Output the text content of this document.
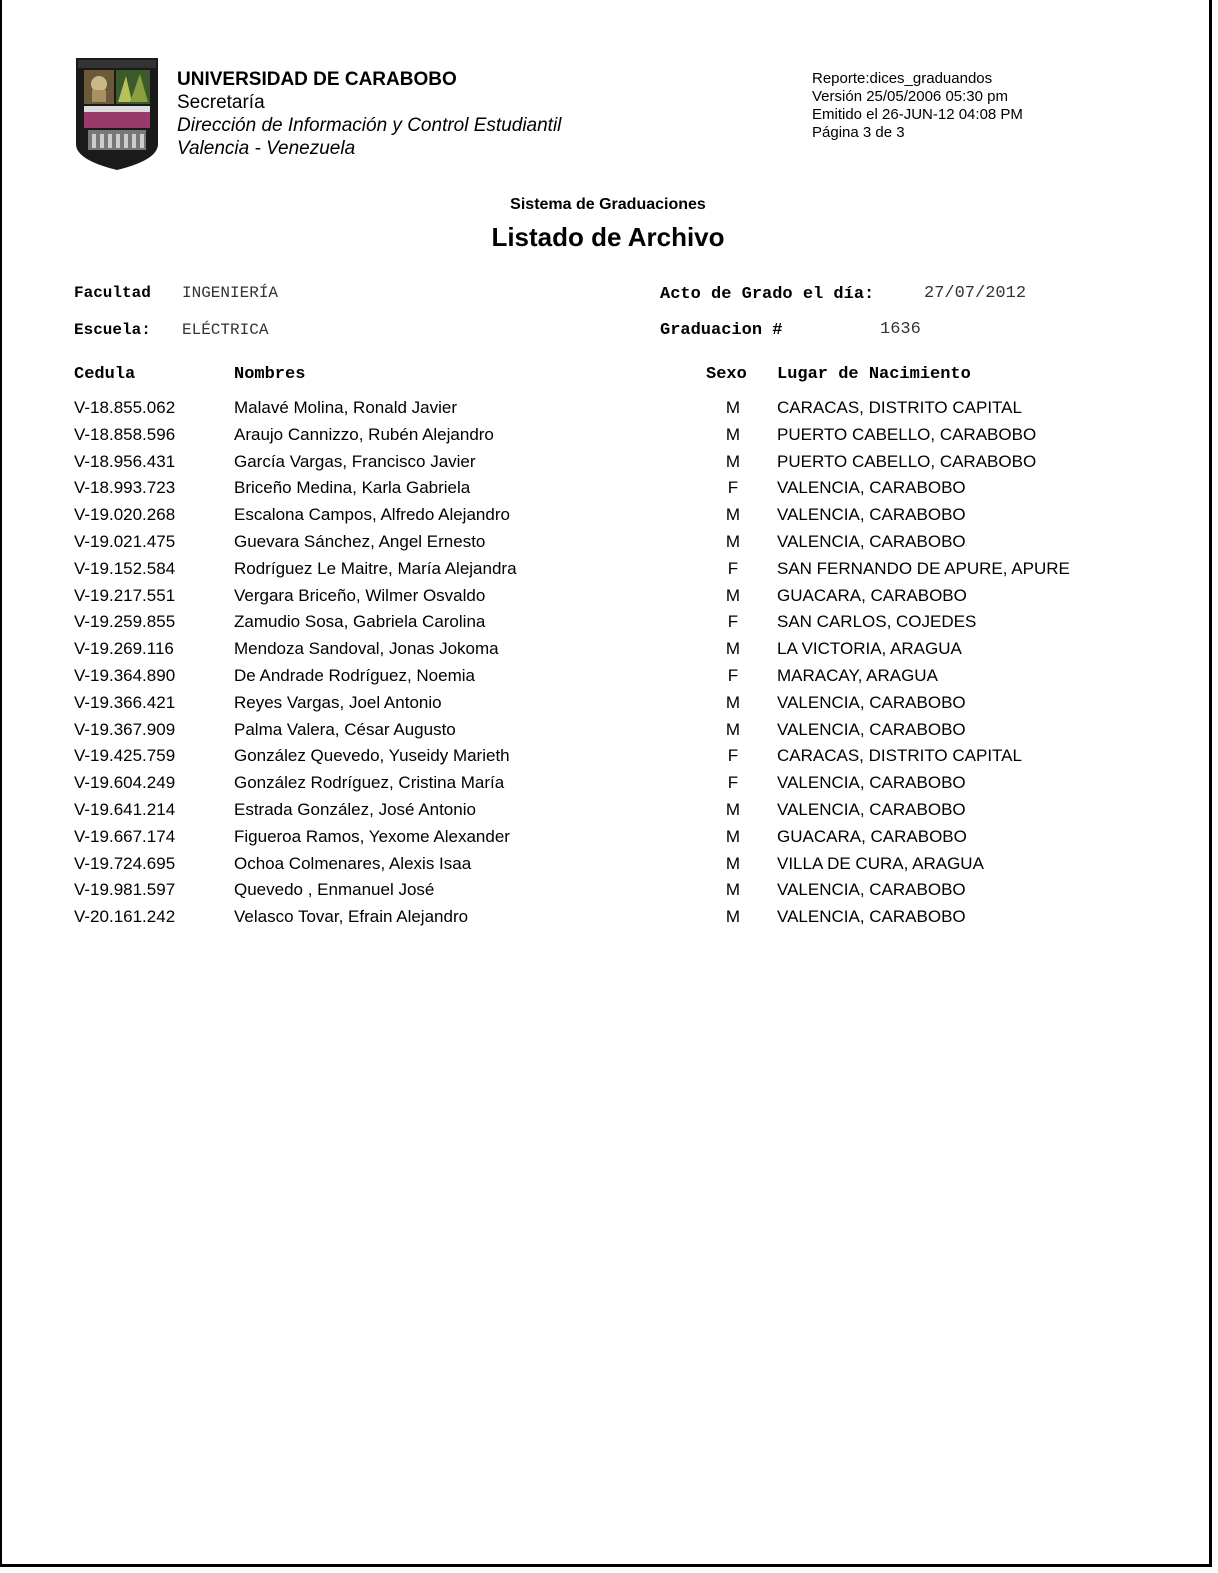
UNIVERSIDAD DE CARABOBO
Secretaría
Dirección de Información y Control Estudiantil
Valencia - Venezuela
Reporte:dices_graduandos
Versión 25/05/2006 05:30 pm
Emitido el 26-JUN-12 04:08 PM
Página 3 de 3
Sistema de Graduaciones
Listado de Archivo
Facultad INGENIERÍA
Escuela: ELÉCTRICA
Acto de Grado el día:	27/07/2012
Graduacion #	1636
Cedula	Nombres	Sexo Lugar de Nacimiento
V-18.855.062	Malavé Molina, Ronald Javier	M CARACAS, DISTRITO CAPITAL
V-18.858.596	Araujo Cannizzo, Rubén Alejandro	M PUERTO CABELLO, CARABOBO
V-18.956.431	García Vargas, Francisco Javier	M PUERTO CABELLO, CARABOBO
V-18.993.723	Briceño Medina, Karla Gabriela	F VALENCIA, CARABOBO
V-19.020.268	Escalona Campos, Alfredo Alejandro	M VALENCIA, CARABOBO
V-19.021.475	Guevara Sánchez, Angel Ernesto	M VALENCIA, CARABOBO
V-19.152.584	Rodríguez Le Maitre, María Alejandra	F SAN FERNANDO DE APURE, APURE
V-19.217.551	Vergara Briceño, Wilmer Osvaldo	M GUACARA, CARABOBO
V-19.259.855	Zamudio Sosa, Gabriela Carolina	F SAN CARLOS, COJEDES
V-19.269.116	Mendoza Sandoval, Jonas Jokoma	M LA VICTORIA, ARAGUA
V-19.364.890	De Andrade Rodríguez, Noemia	F MARACAY, ARAGUA
V-19.366.421	Reyes Vargas, Joel Antonio	M VALENCIA, CARABOBO
V-19.367.909	Palma Valera, César Augusto	M VALENCIA, CARABOBO
V-19.425.759	González Quevedo, Yuseidy Marieth	F CARACAS, DISTRITO CAPITAL
V-19.604.249	González Rodríguez, Cristina María	F VALENCIA, CARABOBO
V-19.641.214	Estrada González, José Antonio	M VALENCIA, CARABOBO
V-19.667.174	Figueroa Ramos, Yexome Alexander	M GUACARA, CARABOBO
V-19.724.695	Ochoa Colmenares, Alexis Isaa	M VILLA DE CURA, ARAGUA
V-19.981.597	Quevedo , Enmanuel José	M VALENCIA, CARABOBO
V-20.161.242	Velasco Tovar, Efrain Alejandro	M VALENCIA, CARABOBO
